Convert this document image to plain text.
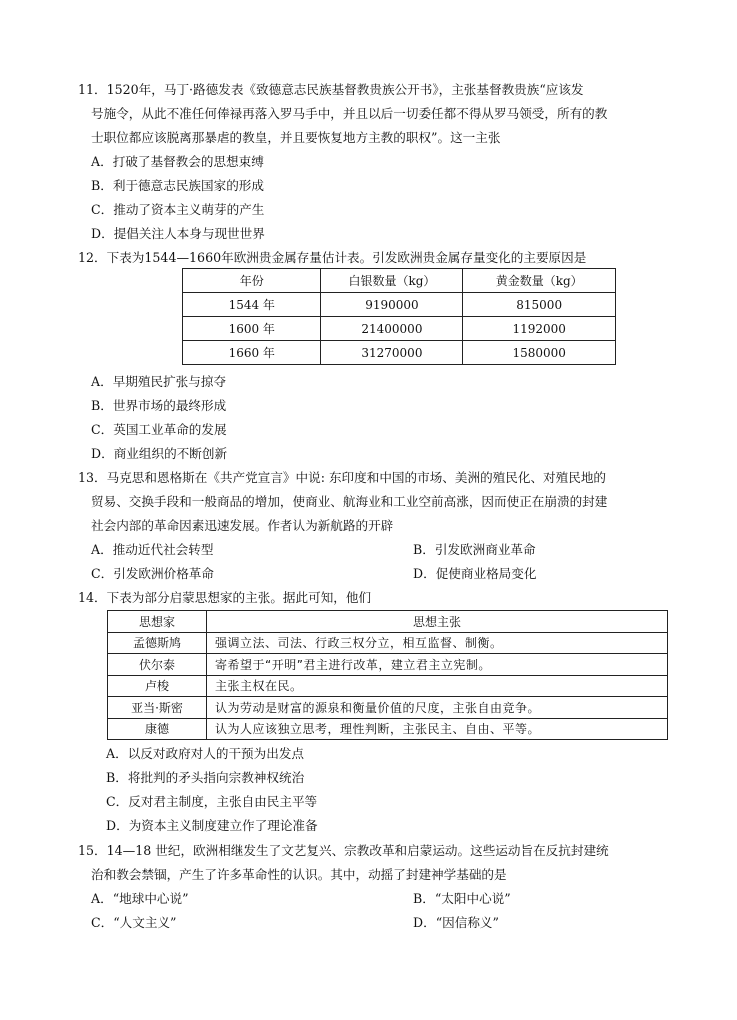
11．1520年，马丁·路德发表《致德意志民族基督教贵族公开书》，主张基督教贵族“应该发
号施令，从此不准任何俸禄再落入罗马手中，并且以后一切委任都不得从罗马领受，所有的教
士职位都应该脱离那暴虐的教皇，并且要恢复地方主教的职权”。这一主张
A．打破了基督教会的思想束缚
B．利于德意志民族国家的形成
C．推动了资本主义萌芽的产生
D．提倡关注人本身与现世世界
12．下表为1544—1660年欧洲贵金属存量估计表。引发欧洲贵金属存量变化的主要原因是
年份	白银数量（kg）	黄金数量（kg）
1544 年	9190000	815000
1600 年	21400000	1192000
1660 年	31270000	1580000
A．早期殖民扩张与掠夺
B．世界市场的最终形成
C．英国工业革命的发展
D．商业组织的不断创新
13．马克思和恩格斯在《共产党宣言》中说: 东印度和中国的市场、美洲的殖民化、对殖民地的
贸易、交换手段和一般商品的增加，使商业、航海业和工业空前高涨，因而使正在崩溃的封建
社会内部的革命因素迅速发展。作者认为新航路的开辟
A．推动近代社会转型	B．引发欧洲商业革命
C．引发欧洲价格革命	D．促使商业格局变化
14．下表为部分启蒙思想家的主张。据此可知，他们
思想家	思想主张
孟德斯鸠	强调立法、司法、行政三权分立，相互监督、制衡。
伏尔泰	寄希望于“开明”君主进行改革，建立君主立宪制。
卢梭	主张主权在民。
亚当·斯密	认为劳动是财富的源泉和衡量价值的尺度，主张自由竞争。
康德	认为人应该独立思考，理性判断，主张民主、自由、平等。
A．以反对政府对人的干预为出发点
B．将批判的矛头指向宗教神权统治
C．反对君主制度，主张自由民主平等
D．为资本主义制度建立作了理论准备
15．14—18 世纪，欧洲相继发生了文艺复兴、宗教改革和启蒙运动。这些运动旨在反抗封建统
治和教会禁锢，产生了许多革命性的认识。其中，动摇了封建神学基础的是
A．“地球中心说”	B．“太阳中心说”
C．“人文主义”	D．“因信称义”
